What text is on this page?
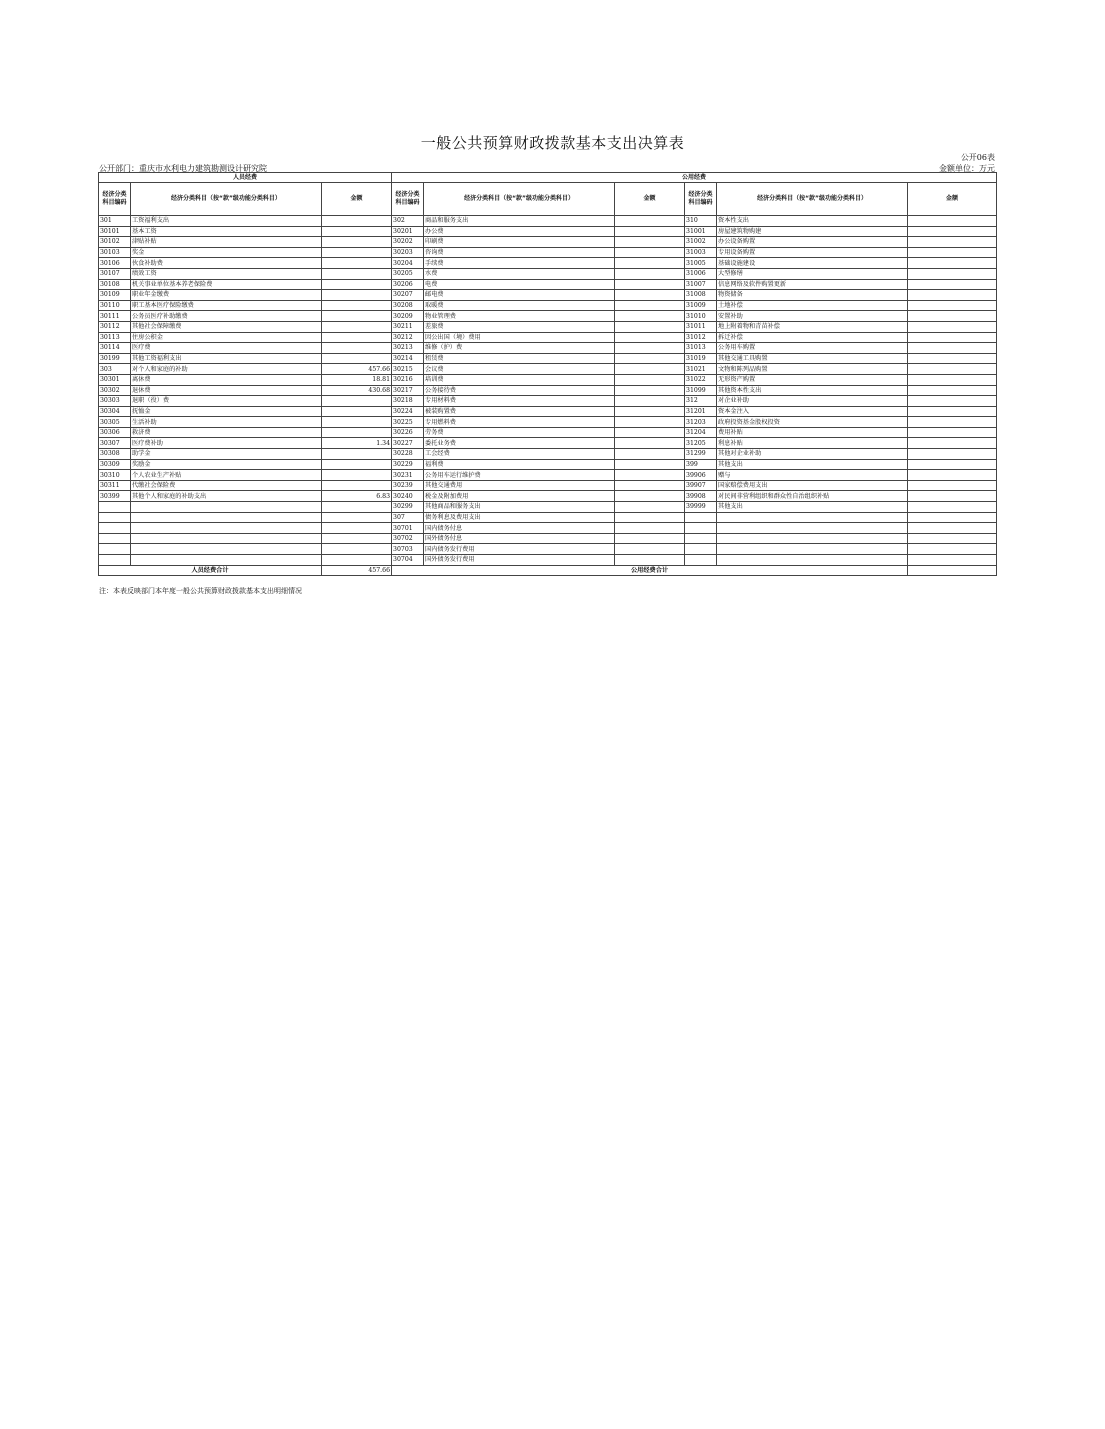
一般公共预算财政拨款基本支出决算表
公开06表
公开部门：重庆市水利电力建筑勘测设计研究院	金额单位：万元
人员经费			公用经费					
经济分类科目编码	经济分类科目（按“款”级功能分类科目）	金额	经济分类科目编码	经济分类科目（按“款”级功能分类科目）	金额	经济分类科目编码	经济分类科目（按“款”级功能分类科目）	金额
301	工资福利支出		302	商品和服务支出		310	资本性支出	
30101	基本工资		30201	办公费		31001	房屋建筑物购建	
30102	津贴补贴		30202	印刷费		31002	办公设备购置	
30103	奖金		30203	咨询费		31003	专用设备购置	
30106	伙食补助费		30204	手续费		31005	基础设施建设	
30107	绩效工资		30205	水费		31006	大型修缮	
30108	机关事业单位基本养老保险费		30206	电费		31007	信息网络及软件购置更新	
30109	职业年金缴费		30207	邮电费		31008	物资储备	
30110	职工基本医疗保险缴费		30208	取暖费		31009	土地补偿	
30111	公务员医疗补助缴费		30209	物业管理费		31010	安置补助	
30112	其他社会保障缴费		30211	差旅费		31011	地上附着物和青苗补偿	
30113	住房公积金		30212	因公出国（境）费用		31012	拆迁补偿	
30114	医疗费		30213	维修（护）费		31013	公务用车购置	
30199	其他工资福利支出		30214	租赁费		31019	其他交通工具购置	
303	对个人和家庭的补助	457.66	30215	会议费		31021	文物和陈列品购置	
30301	离休费	18.81	30216	培训费		31022	无形资产购置	
30302	退休费	430.68	30217	公务接待费		31099	其他资本性支出	
30303	退职（役）费		30218	专用材料费		312	对企业补助	
30304	抚恤金		30224	被装购置费		31201	资本金注入	
30305	生活补助		30225	专用燃料费		31203	政府投资基金股权投资	
30306	救济费		30226	劳务费		31204	费用补贴	
30307	医疗费补助	1.34	30227	委托业务费		31205	利息补贴	
30308	助学金		30228	工会经费		31299	其他对企业补助	
30309	奖励金		30229	福利费		399	其他支出	
30310	个人农业生产补贴		30231	公务用车运行维护费		39906	赠与	
30311	代缴社会保险费		30239	其他交通费用		39907	国家赔偿费用支出	
30399	其他个人和家庭的补助支出	6.83	30240	税金及附加费用		39908	对民间非营利组织和群众性自治组织补贴	
			30299	其他商品和服务支出		39999	其他支出	
			307	债务利息及费用支出				
			30701	国内债务付息				
			30702	国外债务付息				
			30703	国内债务发行费用				
			30704	国外债务发行费用				
人员经费合计		457.66	公用经费合计					
注：本表反映部门本年度一般公共预算财政拨款基本支出明细情况
